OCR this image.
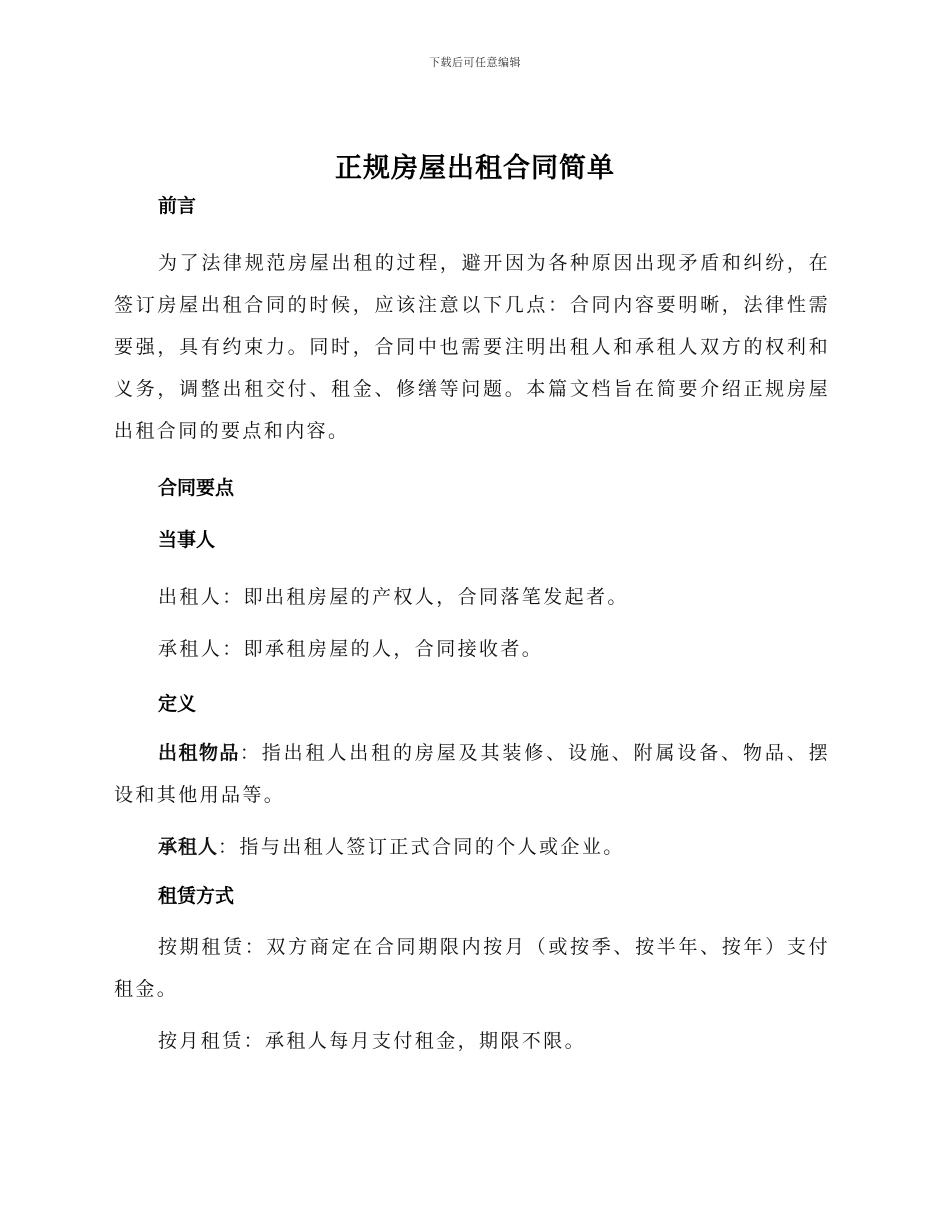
下载后可任意编辑
正规房屋出租合同简单
前言

为了法律规范房屋出租的过程，避开因为各种原因出现矛盾和纠纷，在签订房屋出租合同的时候，应该注意以下几点：合同内容要明晰，法律性需要强，具有约束力。同时，合同中也需要注明出租人和承租人双方的权利和义务，调整出租交付、租金、修缮等问题。本篇文档旨在简要介绍正规房屋出租合同的要点和内容。

合同要点
当事人

出租人：即出租房屋的产权人，合同落笔发起者。

承租人：即承租房屋的人，合同接收者。

定义

出租物品：指出租人出租的房屋及其装修、设施、附属设备、物品、摆设和其他用品等。

承租人：指与出租人签订正式合同的个人或企业。

租赁方式

按期租赁：双方商定在合同期限内按月（或按季、按半年、按年）支付租金。

按月租赁：承租人每月支付租金，期限不限。
